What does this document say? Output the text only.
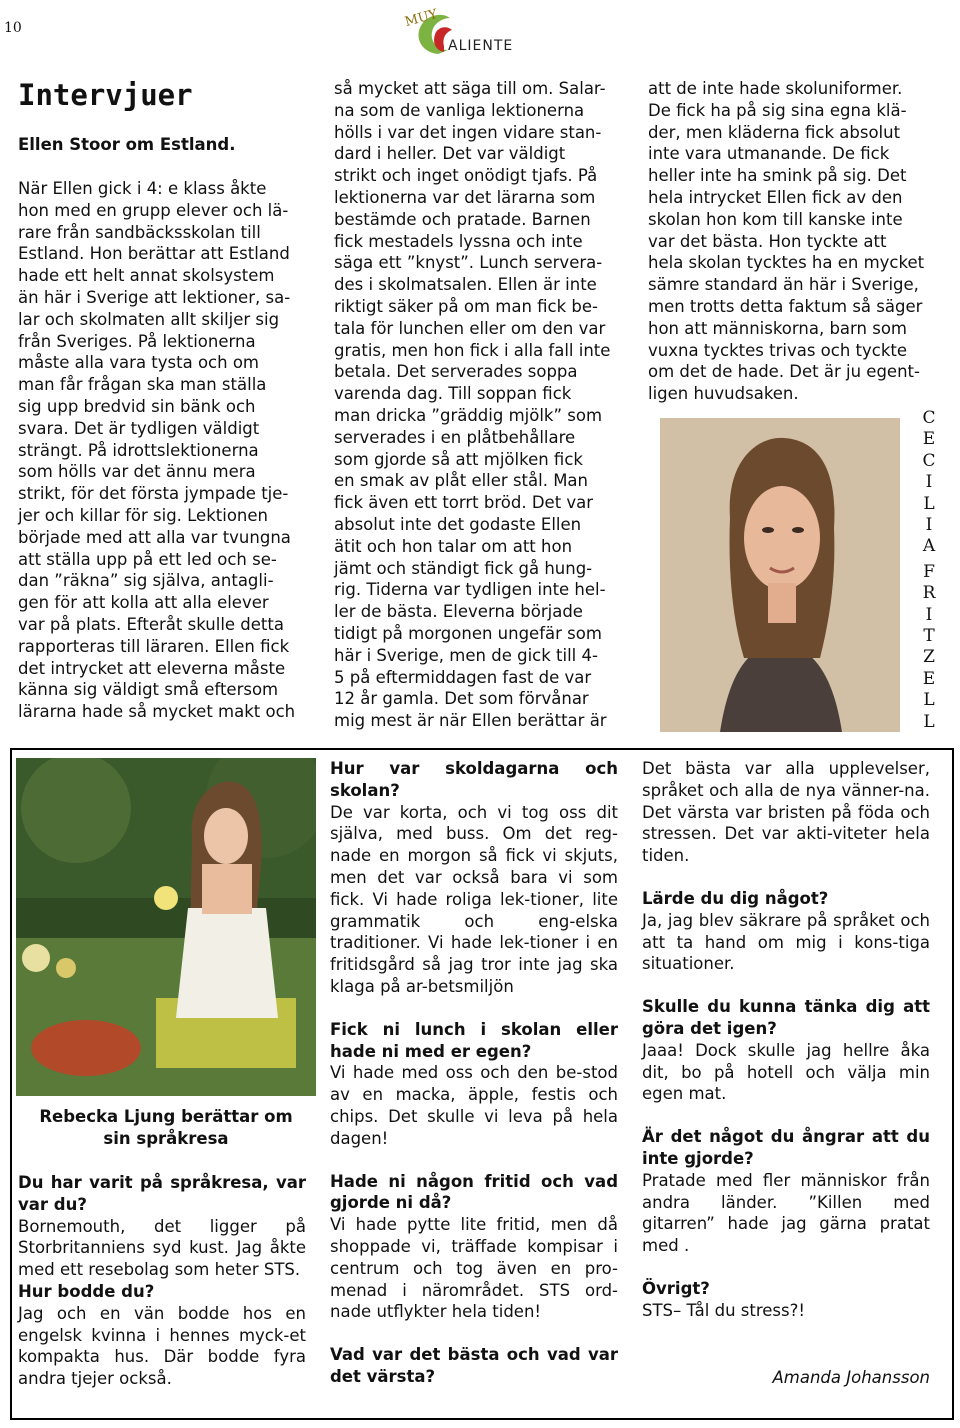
10	MUY
ALIENTE
Intervjuer
Ellen Stoor om Estland.

När Ellen gick i 4: e klass åkte

hon med en grupp elever och lä-

rare från sandbäcksskolan till

Estland. Hon berättar att Estland

hade ett helt annat skolsystem

än här i Sverige att lektioner, sa-

lar och skolmaten allt skiljer sig

från Sveriges. På lektionerna

måste alla vara tysta och om

man får frågan ska man ställa

sig upp bredvid sin bänk och

svara. Det är tydligen väldigt

strängt. På idrottslektionerna

som hölls var det ännu mera

strikt, för det första jympade tje-

jer och killar för sig. Lektionen

började med att alla var tvungna

att ställa upp på ett led och se-

dan ”räkna” sig själva, antagli-

gen för att kolla att alla elever

var på plats. Efteråt skulle detta

rapporteras till läraren. Ellen fick

det intrycket att eleverna måste

känna sig väldigt små eftersom

lärarna hade så mycket makt och

så mycket att säga till om. Salar-

na som de vanliga lektionerna

hölls i var det ingen vidare stan-

dard i heller. Det var väldigt

strikt och inget onödigt tjafs. På

lektionerna var det lärarna som

bestämde och pratade. Barnen

fick mestadels lyssna och inte

säga ett ”knyst”. Lunch servera-

des i skolmatsalen. Ellen är inte

riktigt säker på om man fick be-

tala för lunchen eller om den var

gratis, men hon fick i alla fall inte

betala. Det serverades soppa

varenda dag. Till soppan fick

man dricka ”gräddig mjölk” som

serverades i en plåtbehållare

som gjorde så att mjölken fick

en smak av plåt eller stål. Man

fick även ett torrt bröd. Det var

absolut inte det godaste Ellen

ätit och hon talar om att hon

jämt och ständigt fick gå hung-

rig. Tiderna var tydligen inte hel-

ler de bästa. Eleverna började

tidigt på morgonen ungefär som

här i Sverige, men de gick till 4-

5 på eftermiddagen fast de var

12 år gamla. Det som förvånar

mig mest är när Ellen berättar är

att de inte hade skoluniformer.

De fick ha på sig sina egna klä-

der, men kläderna fick absolut

inte vara utmanande. De fick

heller inte ha smink på sig. Det

hela intrycket Ellen fick av den

skolan hon kom till kanske inte

var det bästa. Hon tyckte att

hela skolan tycktes ha en mycket

sämre standard än här i Sverige,

men trotts detta faktum så säger

hon att människorna, barn som

vuxna tycktes trivas och tyckte

om det de hade. Det är ju egent-

ligen huvudsaken.

C
E
C
I
L
I
A
F
R
I
T
Z
E
L
L
Rebecka Ljung berättar om
sin språkresa
Du har varit på språkresa, var var du?
Bornemouth, det ligger på Storbritanniens syd kust. Jag åkte med ett resebolag som heter STS.
Hur bodde du?
Jag och en vän bodde hos en engelsk kvinna i hennes myck-et kompakta hus. Där bodde fyra andra tjejer också.
Hur var skoldagarna och skolan?
De var korta, och vi tog oss dit själva, med buss. Om det reg-nade en morgon så fick vi skjuts, men det var också bara vi som fick. Vi hade roliga lek-tioner, lite grammatik och eng-elska traditioner. Vi hade lek-tioner i en fritidsgård så jag tror inte jag ska klaga på ar-betsmiljön
Fick ni lunch i skolan eller hade ni med er egen?
Vi hade med oss och den be-stod av en macka, äpple, festis och chips. Det skulle vi leva på hela dagen!
Hade ni någon fritid och vad gjorde ni då?
Vi hade pytte lite fritid, men då shoppade vi, träffade kompisar i centrum och tog även en pro-menad i närområdet. STS ord-nade utflykter hela tiden!
Vad var det bästa och vad var det värsta?
Det bästa var alla upplevelser, språket och alla de nya vänner-na. Det värsta var bristen på föda och stressen. Det var akti-viteter hela tiden.
Lärde du dig något?
Ja, jag blev säkrare på språket och att ta hand om mig i kons-tiga situationer.
Skulle du kunna tänka dig att göra det igen?
Jaaa! Dock skulle jag hellre åka dit, bo på hotell och välja min egen mat.
Är det något du ångrar att du inte gjorde?
Pratade med fler människor från andra länder. ”Killen med gitarren” hade jag gärna pratat med .
Övrigt?
STS– Tål du stress?!
Amanda Johansson
